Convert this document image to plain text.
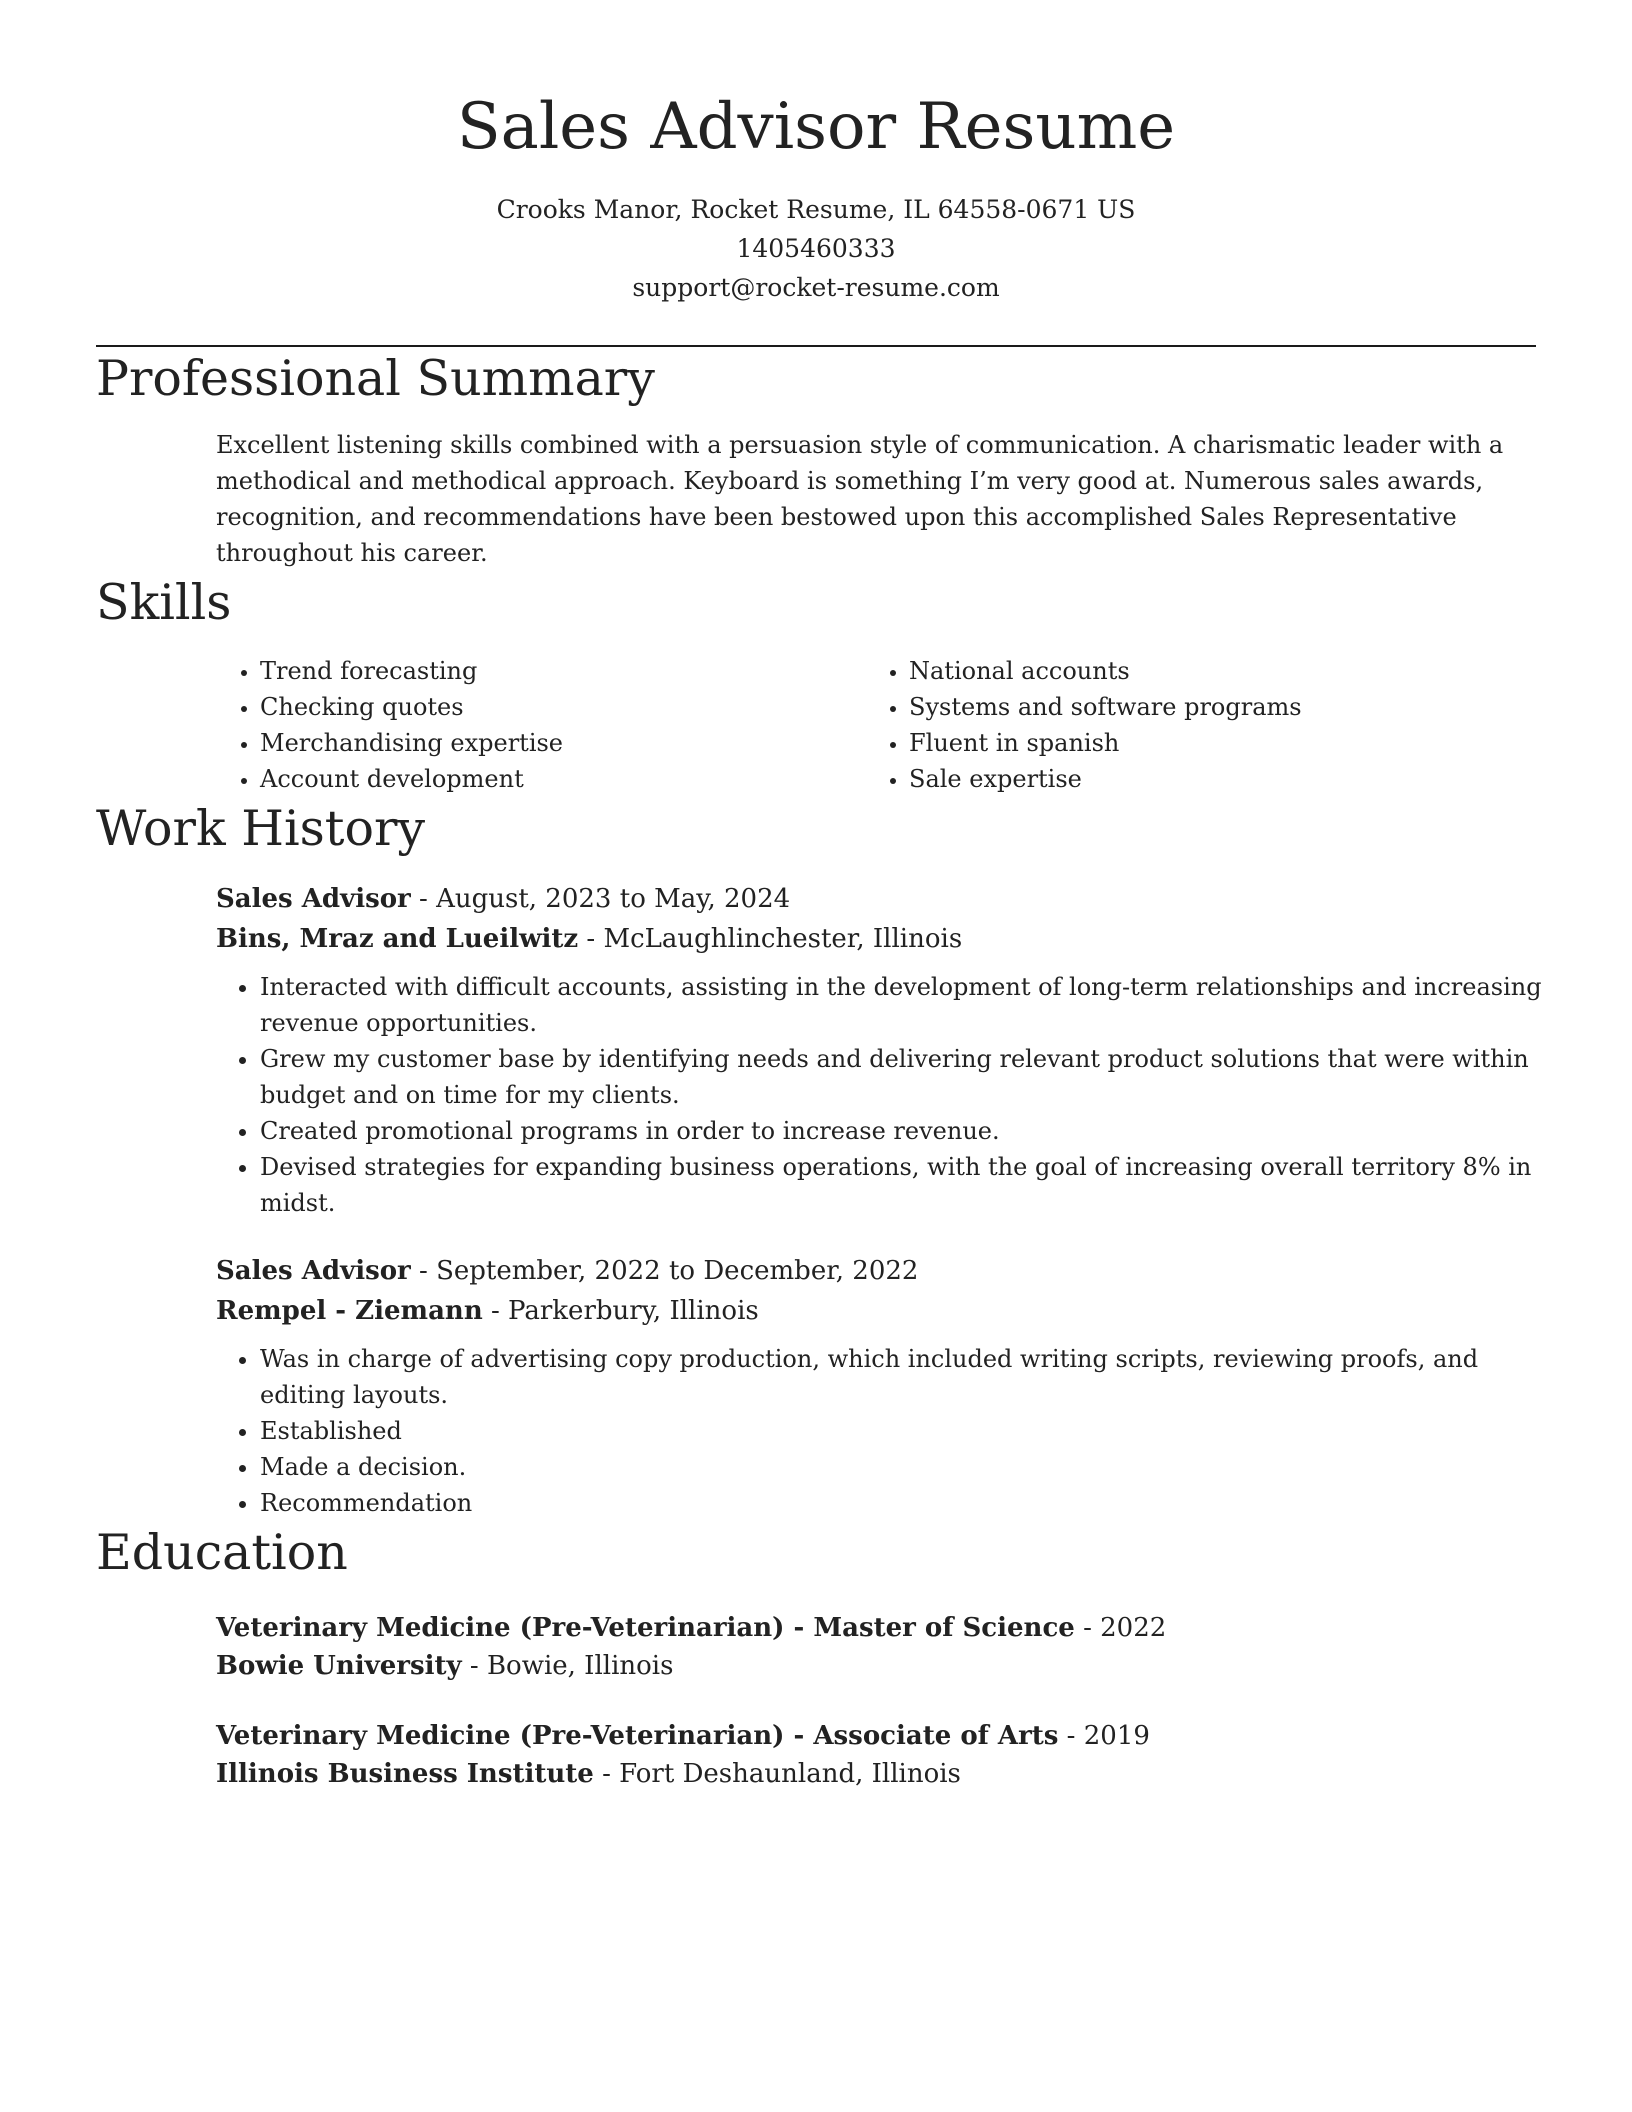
Sales Advisor Resume
Crooks Manor, Rocket Resume, IL 64558-0671 US
1405460333
support@rocket-resume.com
Professional Summary

Excellent listening skills combined with a persuasion style of communication. A charismatic leader with a methodical and methodical approach. Keyboard is something I’m very good at. Numerous sales awards, recognition, and recommendations have been bestowed upon this accomplished Sales Representative throughout his career.

Skills
• Trend forecasting
• Checking quotes
• Merchandising expertise
• Account development
• National accounts
• Systems and software programs
• Fluent in spanish
• Sale expertise
Work History
Sales Advisor - August, 2023 to May, 2024
Bins, Mraz and Lueilwitz - McLaughlinchester, Illinois
• Interacted with difficult accounts, assisting in the development of long-term relationships and increasing revenue opportunities.
• Grew my customer base by identifying needs and delivering relevant product solutions that were within budget and on time for my clients.
• Created promotional programs in order to increase revenue.
• Devised strategies for expanding business operations, with the goal of increasing overall territory 8% in midst.
Sales Advisor - September, 2022 to December, 2022
Rempel - Ziemann - Parkerbury, Illinois
• Was in charge of advertising copy production, which included writing scripts, reviewing proofs, and editing layouts.
• Established
• Made a decision.
• Recommendation
Education
Veterinary Medicine (Pre-Veterinarian) - Master of Science - 2022
Bowie University - Bowie, Illinois
Veterinary Medicine (Pre-Veterinarian) - Associate of Arts - 2019
Illinois Business Institute - Fort Deshaunland, Illinois
